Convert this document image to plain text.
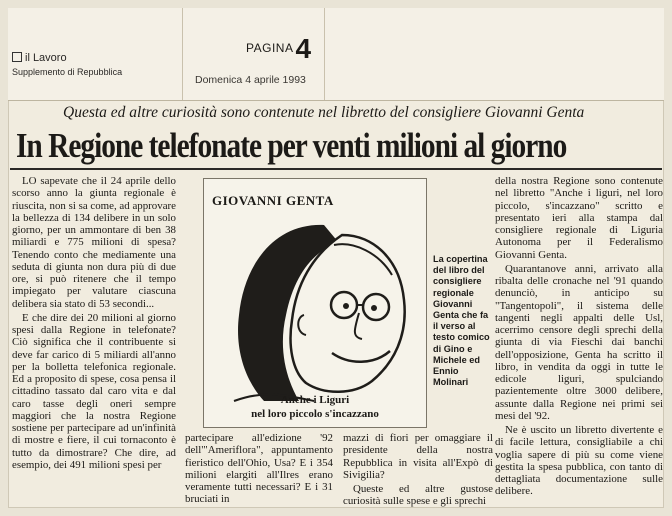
il Lavoro
Supplemento di Repubblica
PAGINA4
Domenica 4 aprile 1993
Questa ed altre curiosità sono contenute nel libretto del consigliere Giovanni Genta
In Regione telefonate per venti milioni al giorno

LO sapevate che il 24 aprile dello scorso anno la giunta regionale è riuscita, non si sa come, ad approvare la bellezza di 134 delibere in un solo giorno, per un ammontare di ben 38 miliardi e 775 milioni di spesa? Tenendo conto che mediamente una seduta di giunta non dura più di due ore, si può ritenere che il tempo impiegato per valutare ciascuna delibera sia stato di 53 secondi...

E che dire dei 20 milioni al giorno spesi dalla Regione in telefonate? Ciò significa che il contribuente si deve far carico di 5 miliardi all'anno per la bolletta telefonica regionale. Ed a proposito di spese, cosa pensa il cittadino tassato dal caro vita e dal caro tasse degli oneri sempre maggiori che la nostra Regione sostiene per partecipare ad un'infinità di mostre e fiere, il cui tornaconto è tutto da dimostrare? Che dire, ad esempio, dei 491 milioni spesi per

GIOVANNI GENTA
Anche i Liguri
nel loro piccolo s'incazzano
La copertina del libro del consigliere regionale Giovanni Genta che fa il verso al testo comico di Gino e Michele ed Ennio Molinari

partecipare all'edizione '92 dell'"Ameriflora", appuntamento fieristico dell'Ohio, Usa? E i 354 milioni elargiti all'Ilres erano veramente tutti necessari? E i 31 bruciati in

mazzi di fiori per omaggiare il presidente della nostra Repubblica in visita all'Expò di Sivigilia?

Queste ed altre gustose curiosità sulle spese e gli sprechi

della nostra Regione sono contenute nel libretto "Anche i liguri, nel loro piccolo, s'incazzano" scritto e presentato ieri alla stampa dal consigliere regionale di Liguria Autonoma per il Federalismo Giovanni Genta.

Quarantanove anni, arrivato alla ribalta delle cronache nel '91 quando denunciò, in anticipo su "Tangentopoli", il sistema delle tangenti negli appalti delle Usl, acerrimo censore degli sprechi della giunta di via Fieschi dai banchi dell'opposizione, Genta ha scritto il libro, in vendita da oggi in tutte le edicole liguri, spulciando pazientemente oltre 3000 delibere, assunte dalla Regione nei primi sei mesi del '92.

Ne è uscito un libretto divertente e di facile lettura, consigliabile a chi voglia sapere di più su come viene gestita la spesa pubblica, con tanto di dettagliata documentazione sulle delibere.
